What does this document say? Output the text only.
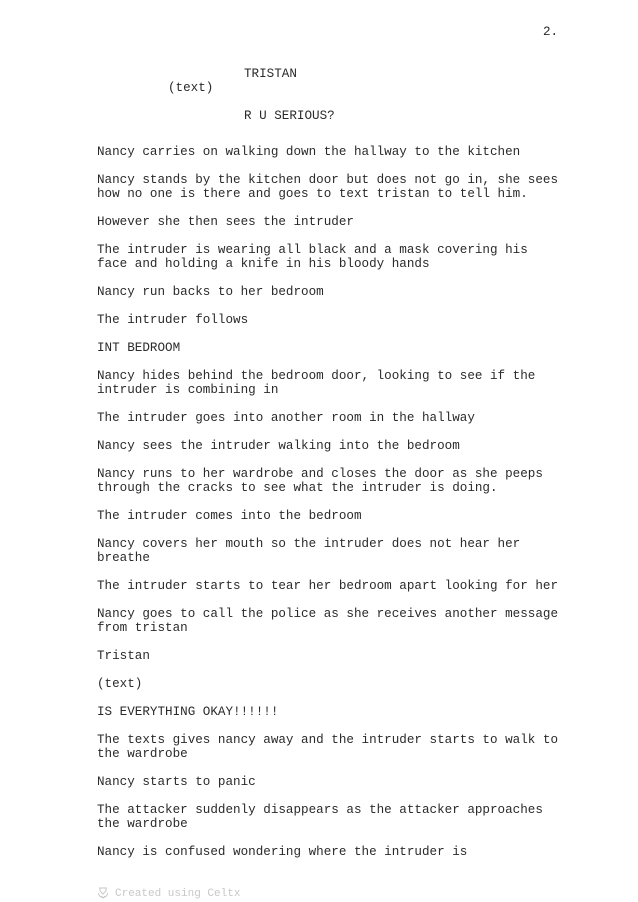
2.
TRISTAN
(text)
R U SERIOUS?
Nancy carries on walking down the hallway to the kitchen
Nancy stands by the kitchen door but does not go in, she sees
how no one is there and goes to text tristan to tell him.
However she then sees the intruder
The intruder is wearing all black and a mask covering his
face and holding a knife in his bloody hands
Nancy run backs to her bedroom
The intruder follows
INT BEDROOM
Nancy hides behind the bedroom door, looking to see if the
intruder is combining in
The intruder goes into another room in the hallway
Nancy sees the intruder walking into the bedroom
Nancy runs to her wardrobe and closes the door as she peeps
through the cracks to see what the intruder is doing.
The intruder comes into the bedroom
Nancy covers her mouth so the intruder does not hear her
breathe
The intruder starts to tear her bedroom apart looking for her
Nancy goes to call the police as she receives another message
from tristan
Tristan
(text)
IS EVERYTHING OKAY!!!!!!
The texts gives nancy away and the intruder starts to walk to
the wardrobe
Nancy starts to panic
The attacker suddenly disappears as the attacker approaches
the wardrobe
Nancy is confused wondering where the intruder is
Created using Celtx
